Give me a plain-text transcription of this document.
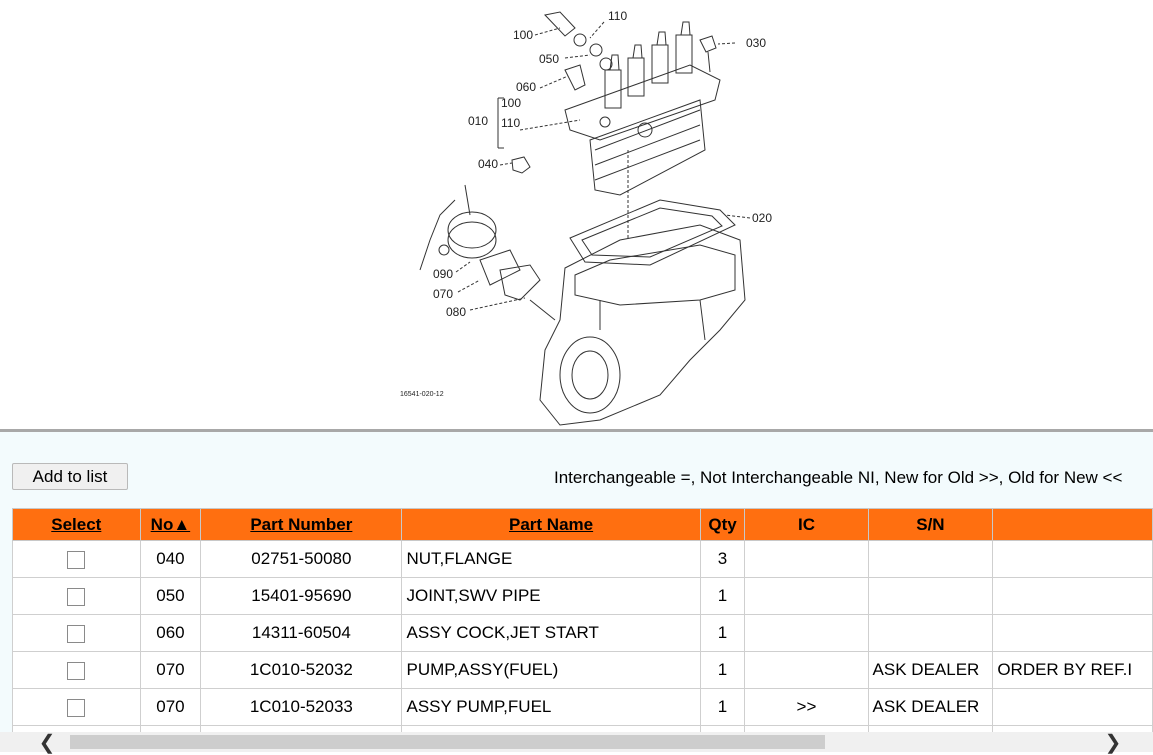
100
110
050
060
010
100
110
040
030
020
090
070
080
16541-020-12
Add to list	Interchangeable =, Not Interchangeable NI, New for Old >>, Old for New <<
Select	No▲	Part Number	Part Name	Qty	IC	S/N	
	040	02751-50080	NUT,FLANGE	3			
	050	15401-95690	JOINT,SWV PIPE	1			
	060	14311-60504	ASSY COCK,JET START	1			
	070	1C010-52032	PUMP,ASSY(FUEL)	1		ASK DEALER	ORDER BY REF.I
	070	1C010-52033	ASSY PUMP,FUEL	1	>>	ASK DEALER	

❮	❯
